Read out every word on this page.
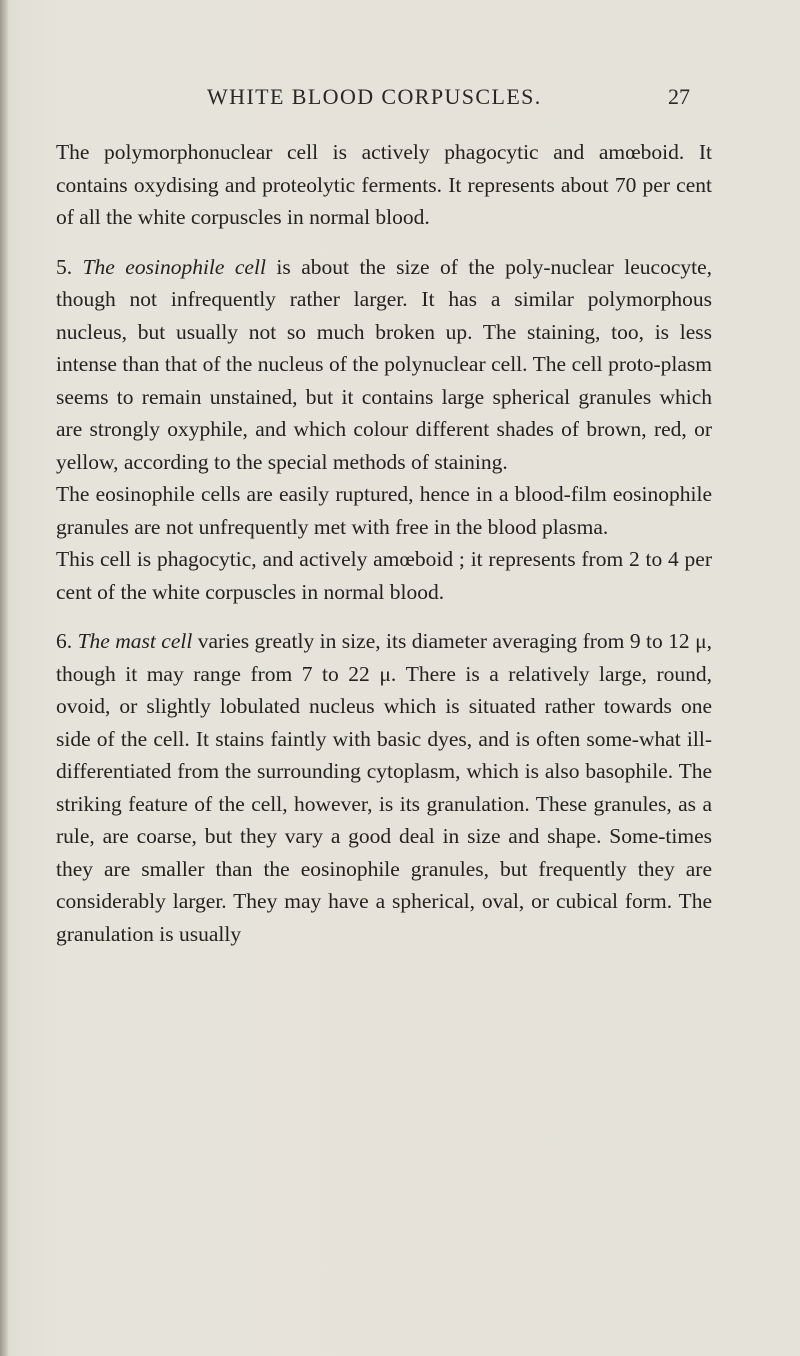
WHITE BLOOD CORPUSCLES.	27

The polymorphonuclear cell is actively phagocytic and amœboid. It contains oxydising and proteolytic ferments. It represents about 70 per cent of all the white corpuscles in normal blood.

5. The eosinophile cell is about the size of the poly-nuclear leucocyte, though not infrequently rather larger. It has a similar polymorphous nucleus, but usually not so much broken up. The staining, too, is less intense than that of the nucleus of the polynuclear cell. The cell proto-plasm seems to remain unstained, but it contains large spherical granules which are strongly oxyphile, and which colour different shades of brown, red, or yellow, according to the special methods of staining.

The eosinophile cells are easily ruptured, hence in a blood-film eosinophile granules are not unfrequently met with free in the blood plasma.

This cell is phagocytic, and actively amœboid ; it represents from 2 to 4 per cent of the white corpuscles in normal blood.

6. The mast cell varies greatly in size, its diameter averaging from 9 to 12 μ, though it may range from 7 to 22 μ. There is a relatively large, round, ovoid, or slightly lobulated nucleus which is situated rather towards one side of the cell. It stains faintly with basic dyes, and is often some-what ill-differentiated from the surrounding cytoplasm, which is also basophile. The striking feature of the cell, however, is its granulation. These granules, as a rule, are coarse, but they vary a good deal in size and shape. Some-times they are smaller than the eosinophile granules, but frequently they are considerably larger. They may have a spherical, oval, or cubical form. The granulation is usually
